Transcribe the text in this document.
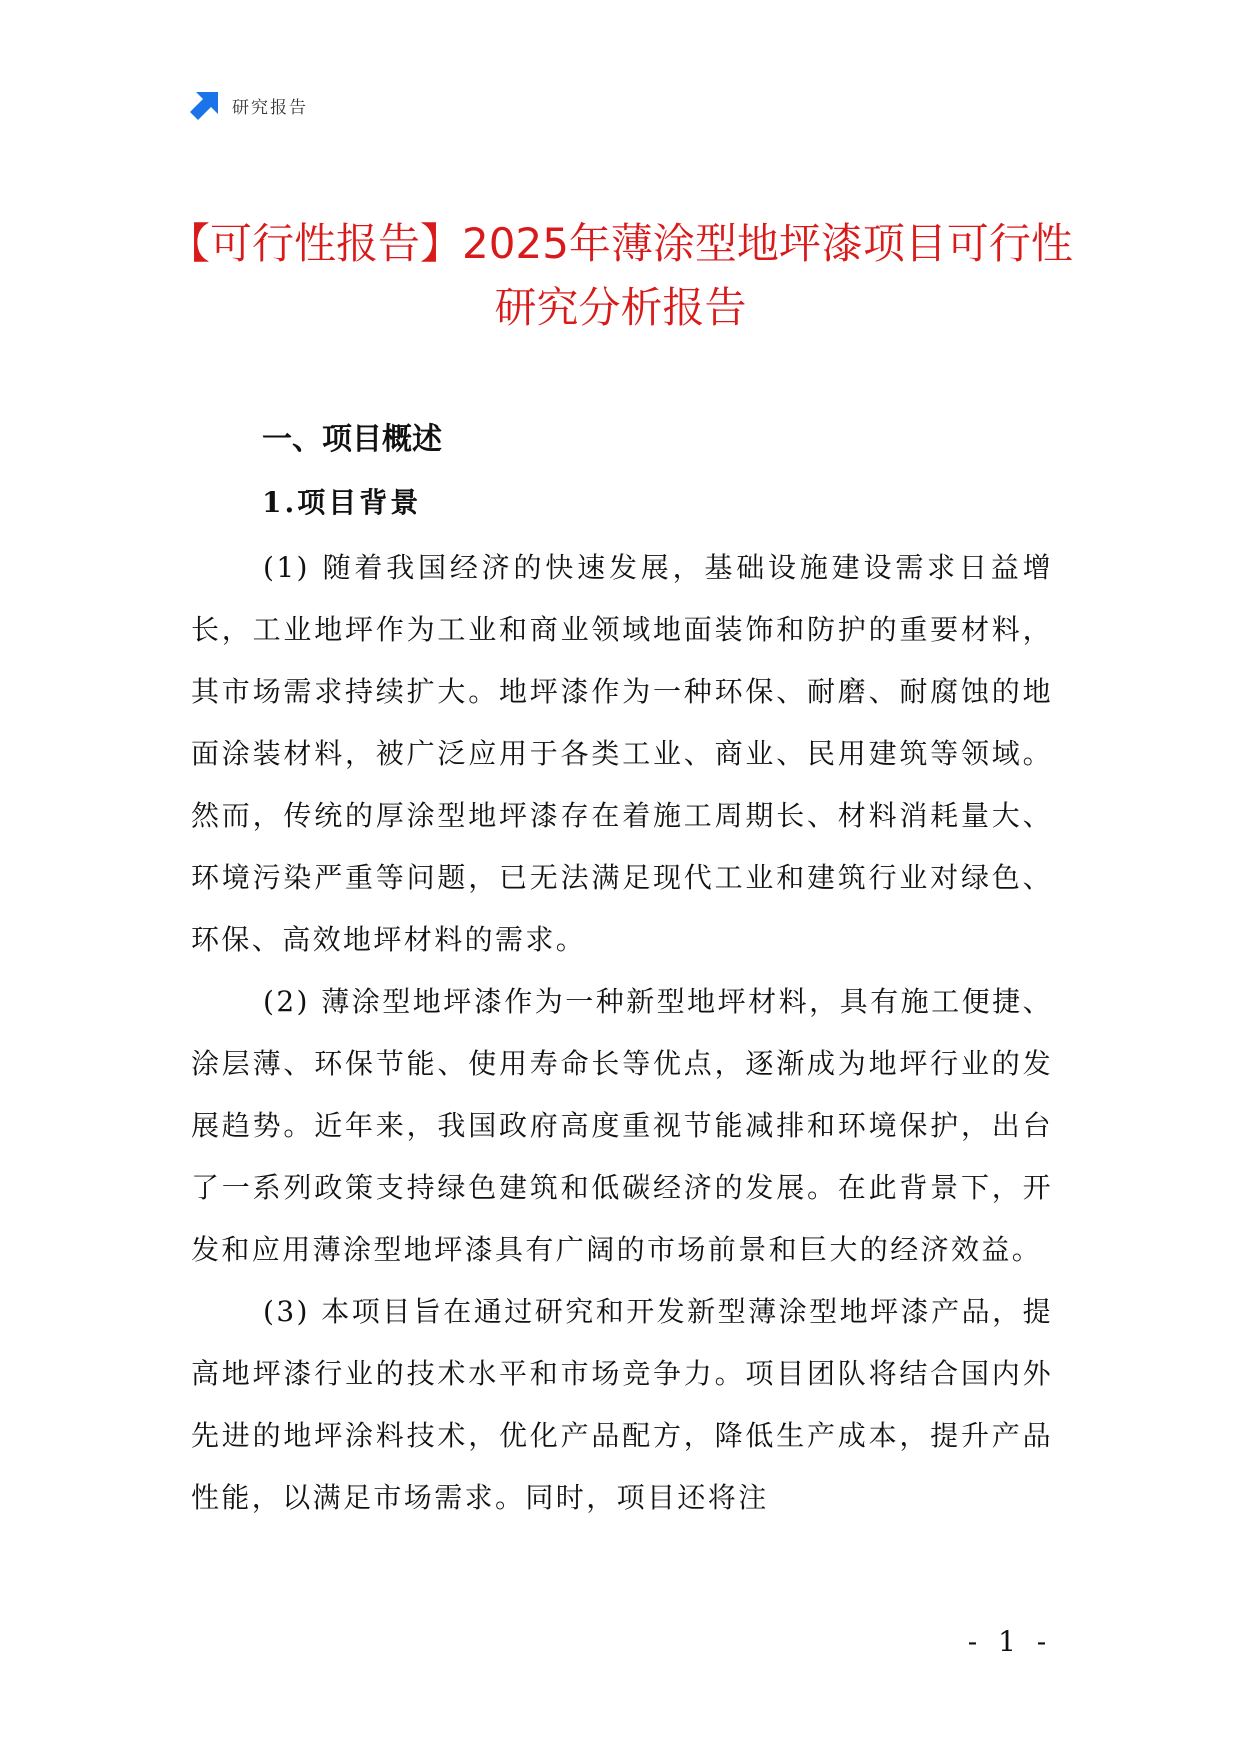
研究报告
【可行性报告】2025年薄涂型地坪漆项目可行性研究分析报告
一、项目概述
1.项目背景

(1) 随着我国经济的快速发展，基础设施建设需求日益增长，工业地坪作为工业和商业领域地面装饰和防护的重要材料，其市场需求持续扩大。地坪漆作为一种环保、耐磨、耐腐蚀的地面涂装材料，被广泛应用于各类工业、商业、民用建筑等领域。然而，传统的厚涂型地坪漆存在着施工周期长、材料消耗量大、环境污染严重等问题，已无法满足现代工业和建筑行业对绿色、环保、高效地坪材料的需求。

(2) 薄涂型地坪漆作为一种新型地坪材料，具有施工便捷、涂层薄、环保节能、使用寿命长等优点，逐渐成为地坪行业的发展趋势。近年来，我国政府高度重视节能减排和环境保护，出台了一系列政策支持绿色建筑和低碳经济的发展。在此背景下，开发和应用薄涂型地坪漆具有广阔的市场前景和巨大的经济效益。

(3) 本项目旨在通过研究和开发新型薄涂型地坪漆产品，提高地坪漆行业的技术水平和市场竞争力。项目团队将结合国内外先进的地坪涂料技术，优化产品配方，降低生产成本，提升产品性能，以满足市场需求。同时，项目还将注

- 1 -
